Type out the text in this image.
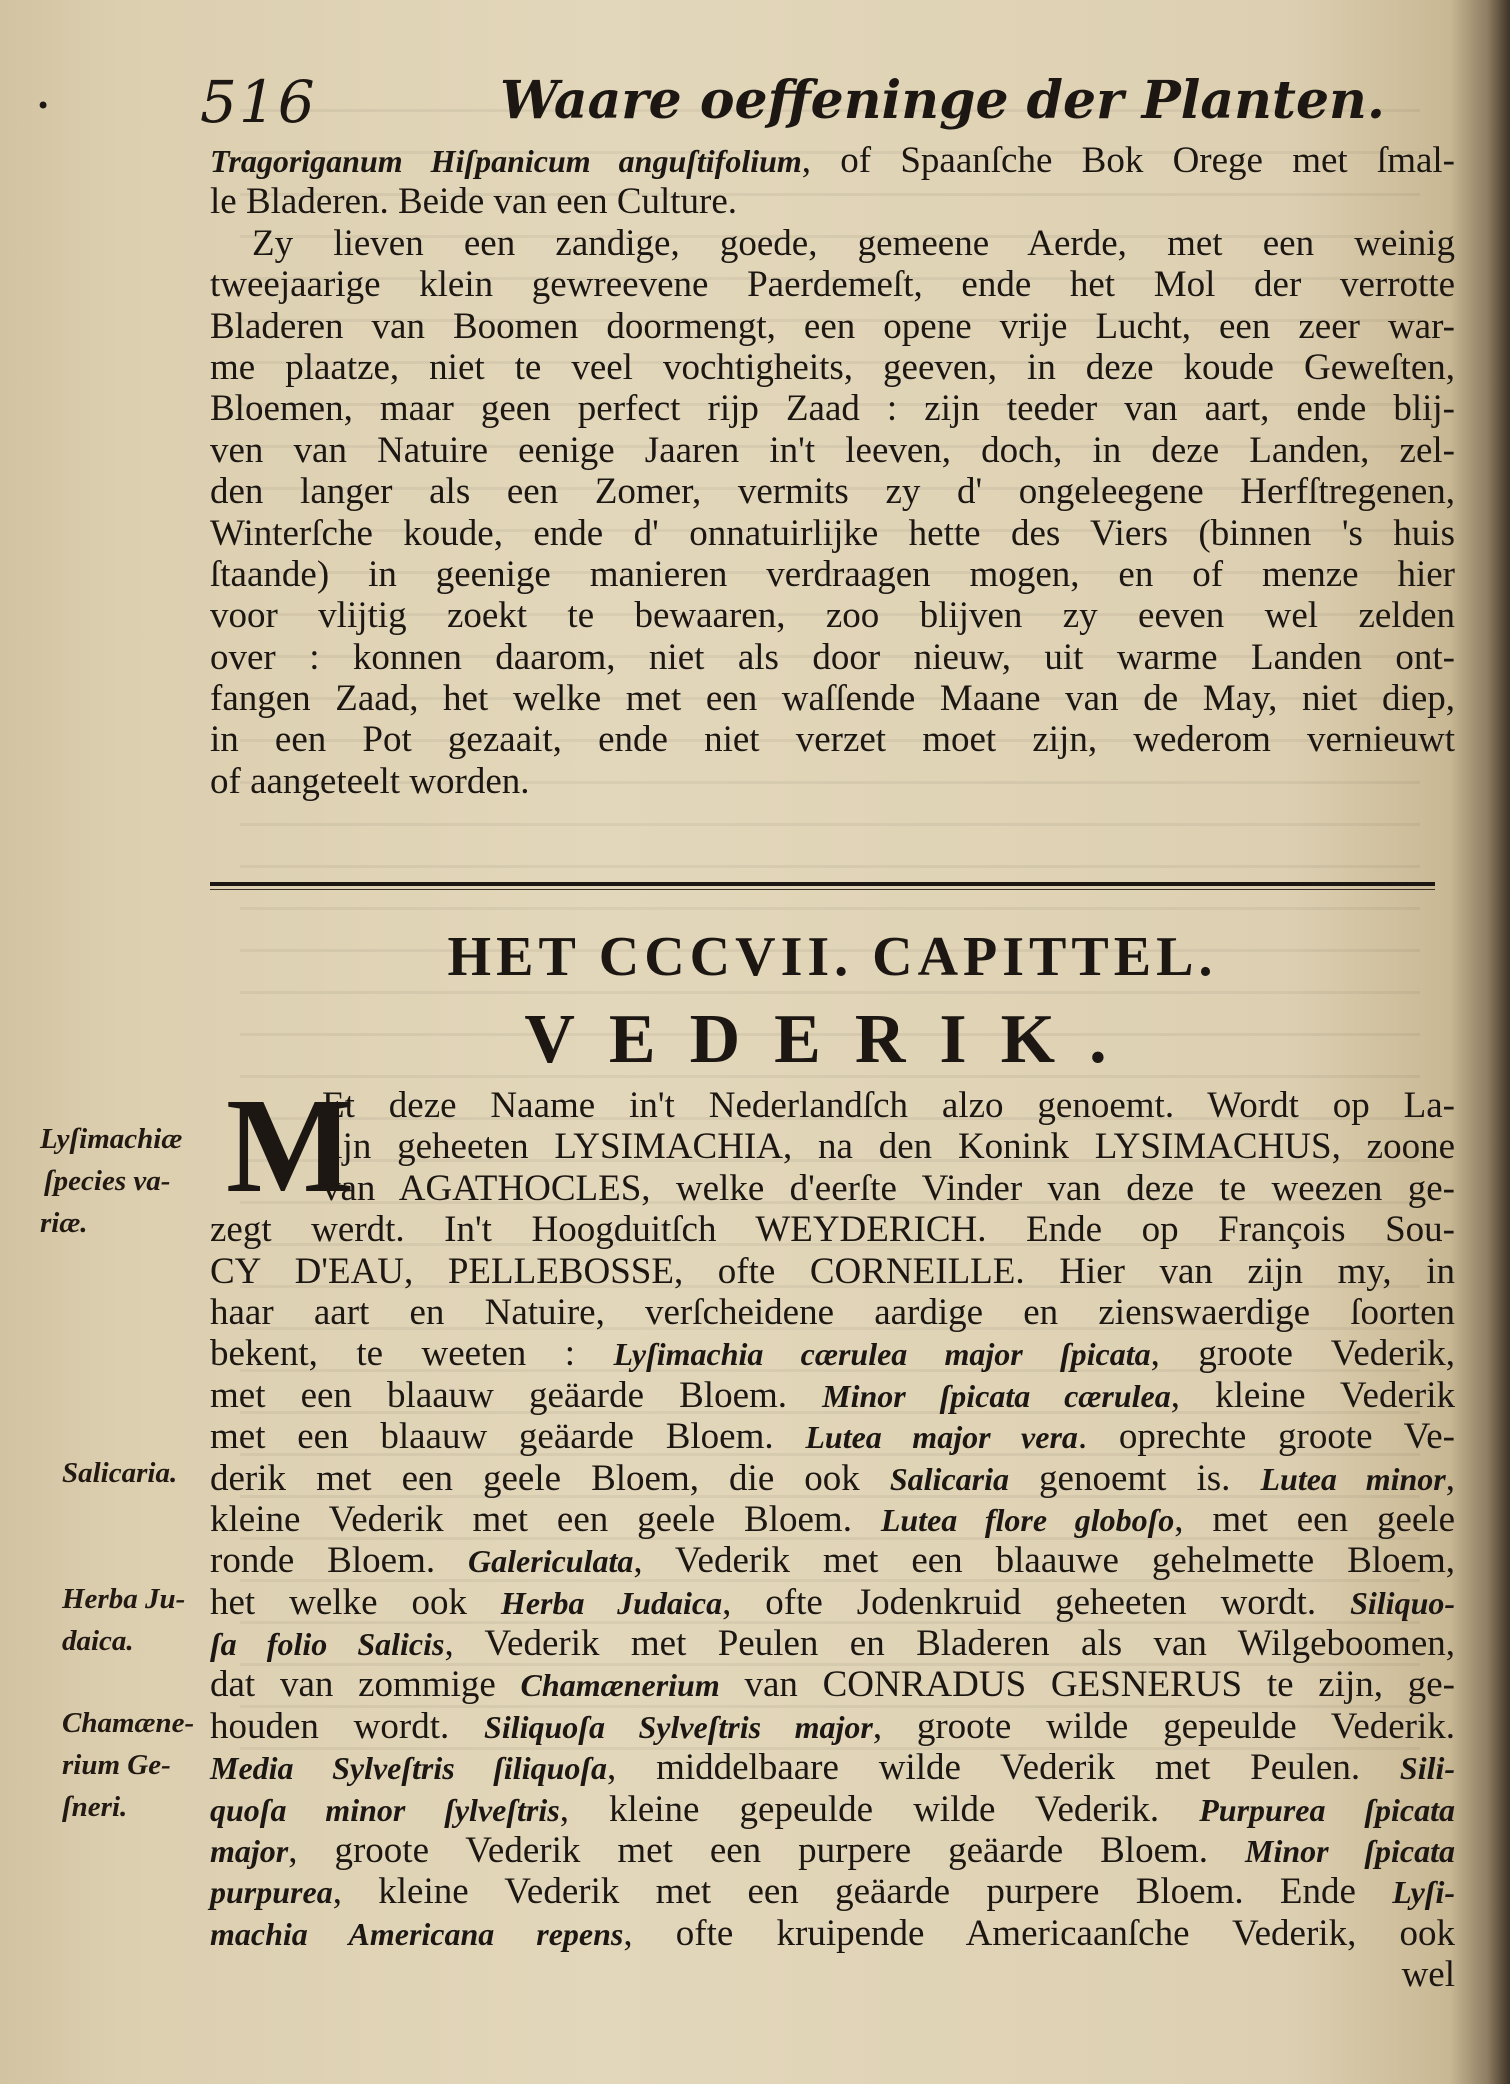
•	516	Waare oeffeninge der Planten.
Tragoriganum Hiſpanicum anguſtifolium, of Spaanſche Bok Orege met ſmal-
le Bladeren. Beide van een Culture.
Zy lieven een zandige, goede, gemeene Aerde, met een weinig
tweejaarige klein gewreevene Paerdemeſt, ende het Mol der verrotte
Bladeren van Boomen doormengt, een opene vrije Lucht, een zeer war-
me plaatze, niet te veel vochtigheits, geeven, in deze koude Geweſten,
Bloemen, maar geen perfect rijp Zaad : zijn teeder van aart, ende blij-
ven van Natuire eenige Jaaren in't leeven, doch, in deze Landen, zel-
den langer als een Zomer, vermits zy d' ongeleegene Herfſtregenen,
Winterſche koude, ende d' onnatuirlijke hette des Viers (binnen 's huis
ſtaande) in geenige manieren verdraagen mogen, en of menze hier
voor vlijtig zoekt te bewaaren, zoo blijven zy eeven wel zelden
over : konnen daarom, niet als door nieuw, uit warme Landen ont-
fangen Zaad, het welke met een waſſende Maane van de May, niet diep,
in een Pot gezaait, ende niet verzet moet zijn, wederom vernieuwt
of aangeteelt worden.
HET CCCVII. CAPITTEL.
VEDERIK.
M
Et deze Naame in't Nederlandſch alzo genoemt. Wordt op La-
tijn geheeten LYSIMACHIA, na den Konink LYSIMACHUS, zoone
van AGATHOCLES, welke d'eerſte Vinder van deze te weezen ge-
zegt werdt. In't Hoogduitſch WEYDERICH. Ende op François Sou-
CY D'EAU, PELLEBOSSE, ofte CORNEILLE. Hier van zijn my, in
haar aart en Natuire, verſcheidene aardige en zienswaerdige ſoorten
bekent, te weeten : Lyſimachia cærulea major ſpicata, groote Vederik,
met een blaauw geäarde Bloem. Minor ſpicata cærulea, kleine Vederik
met een blaauw geäarde Bloem. Lutea major vera. oprechte groote Ve-
derik met een geele Bloem, die ook Salicaria genoemt is. Lutea minor,
kleine Vederik met een geele Bloem. Lutea flore globoſo, met een geele
ronde Bloem. Galericulata, Vederik met een blaauwe gehelmette Bloem,
het welke ook Herba Judaica, ofte Jodenkruid geheeten wordt. Siliquo-
ſa folio Salicis, Vederik met Peulen en Bladeren als van Wilgeboomen,
dat van zommige Chamænerium van CONRADUS GESNERUS te zijn, ge-
houden wordt. Siliquoſa Sylveſtris major, groote wilde gepeulde Vederik.
Media Sylveſtris ſiliquoſa, middelbaare wilde Vederik met Peulen. Sili-
quoſa minor ſylveſtris, kleine gepeulde wilde Vederik. Purpurea ſpicata
major, groote Vederik met een purpere geäarde Bloem. Minor ſpicata
purpurea, kleine Vederik met een geäarde purpere Bloem. Ende Lyſi-
machia Americana repens, ofte kruipende Americaanſche Vederik, ook
wel
Lyſimachiæ
ſpecies va-
riæ.
Salicaria.
Herba Ju-
daica.
Chamæne-
rium Ge-
ſneri.
